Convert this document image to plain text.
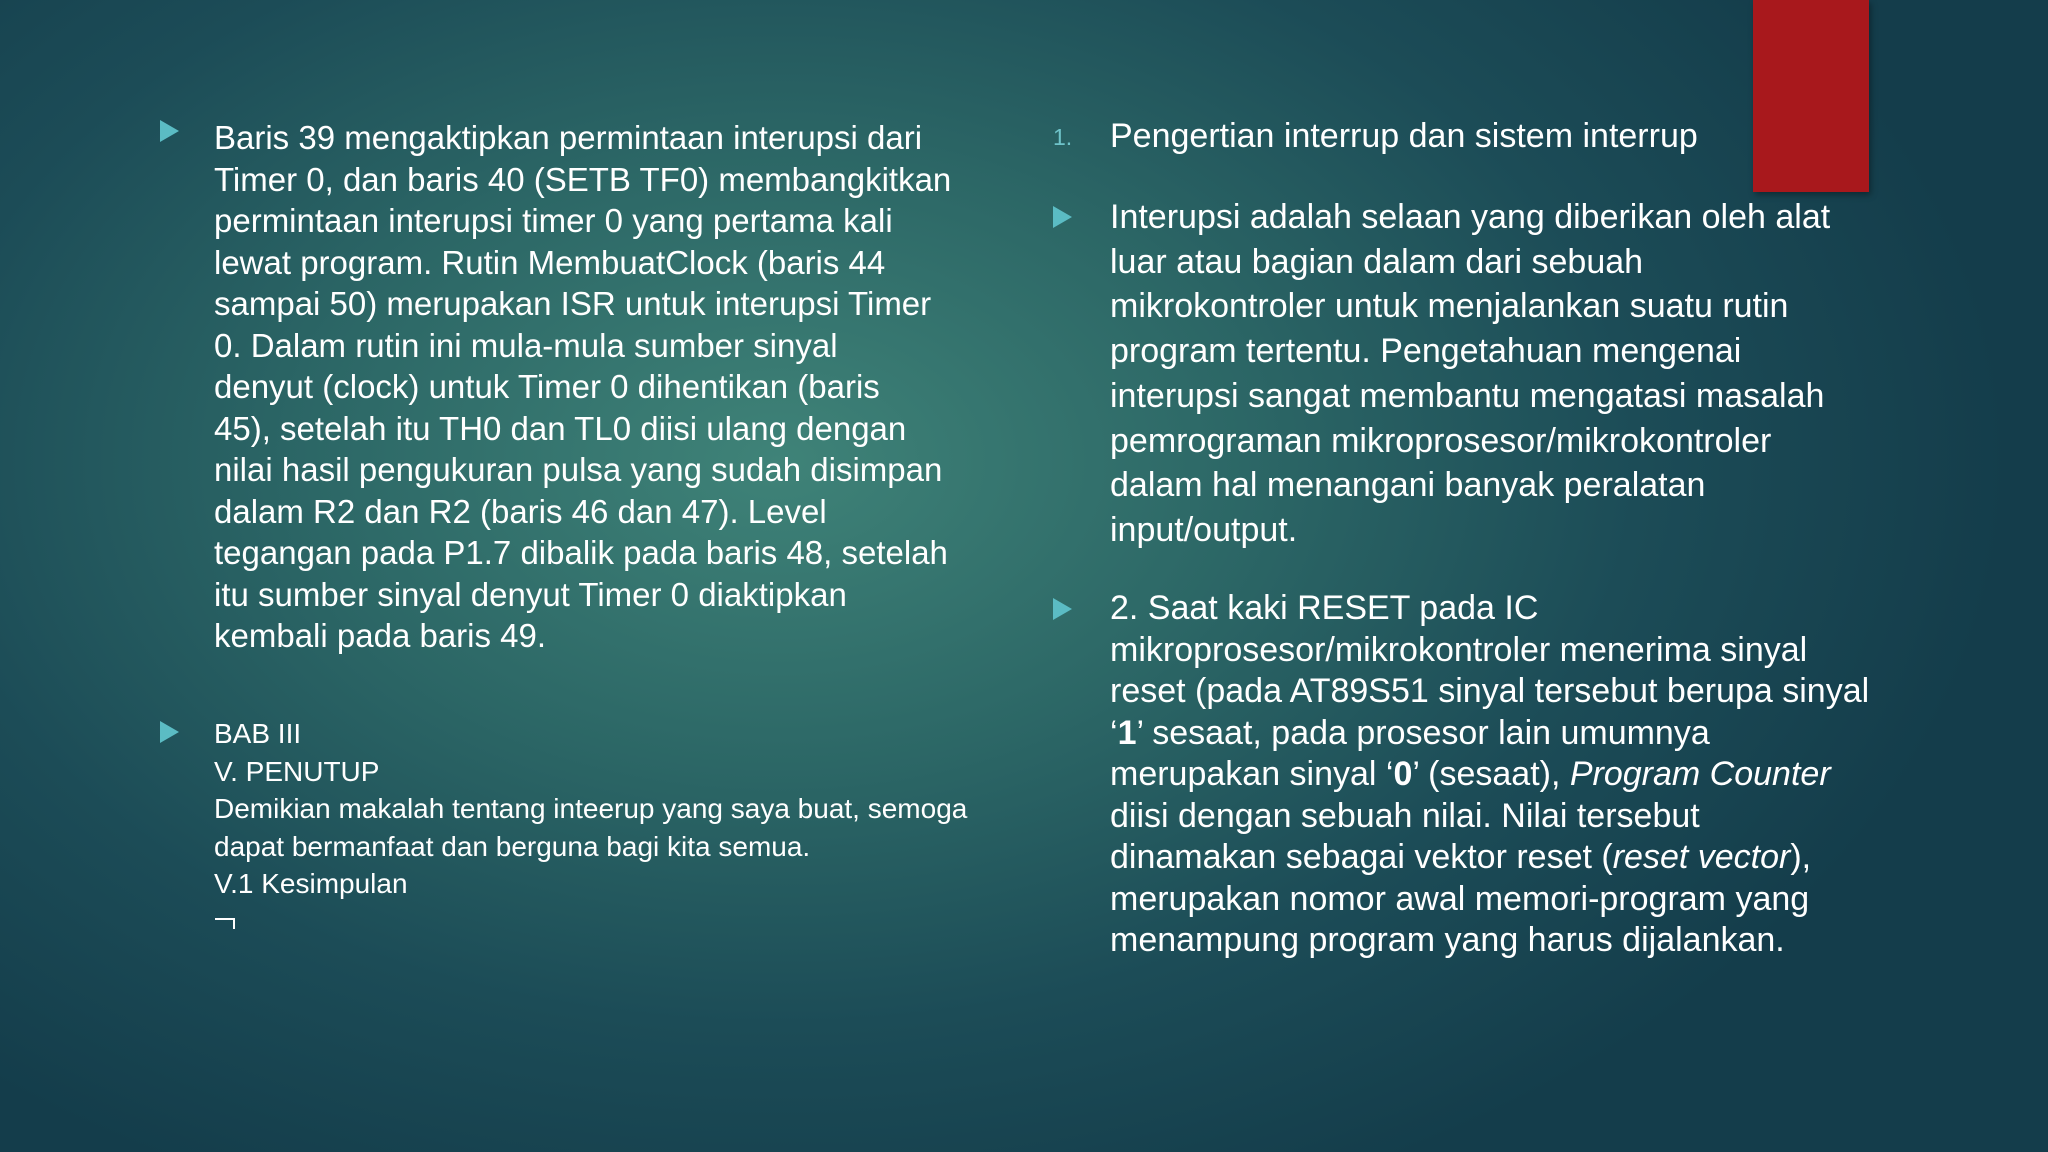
Baris 39 mengaktipkan permintaan interupsi dari
Timer 0, dan baris 40 (SETB TF0) membangkitkan
permintaan interupsi timer 0 yang pertama kali
lewat program. Rutin MembuatClock (baris 44
sampai 50) merupakan ISR untuk interupsi Timer
0. Dalam rutin ini mula-mula sumber sinyal
denyut (clock) untuk Timer 0 dihentikan (baris
45), setelah itu TH0 dan TL0 diisi ulang dengan
nilai hasil pengukuran pulsa yang sudah disimpan
dalam R2 dan R2 (baris 46 dan 47). Level
tegangan pada P1.7 dibalik pada baris 48, setelah
itu sumber sinyal denyut Timer 0 diaktipkan
kembali pada baris 49.
BAB III
V. PENUTUP
Demikian makalah tentang inteerup yang saya buat, semoga
dapat bermanfaat dan berguna bagi kita semua.
V.1 Kesimpulan
1.	Pengertian interrup dan sistem interrup
Interupsi adalah selaan yang diberikan oleh alat
luar atau bagian dalam dari sebuah
mikrokontroler untuk menjalankan suatu rutin
program tertentu. Pengetahuan mengenai
interupsi sangat membantu mengatasi masalah
pemrograman mikroprosesor/mikrokontroler
dalam hal menangani banyak peralatan
input/output.
2. Saat kaki RESET pada IC
mikroprosesor/mikrokontroler menerima sinyal
reset (pada AT89S51 sinyal tersebut berupa sinyal
‘1’ sesaat, pada prosesor lain umumnya
merupakan sinyal ‘0’ (sesaat), Program Counter
diisi dengan sebuah nilai. Nilai tersebut
dinamakan sebagai vektor reset (reset vector),
merupakan nomor awal memori-program yang
menampung program yang harus dijalankan.
